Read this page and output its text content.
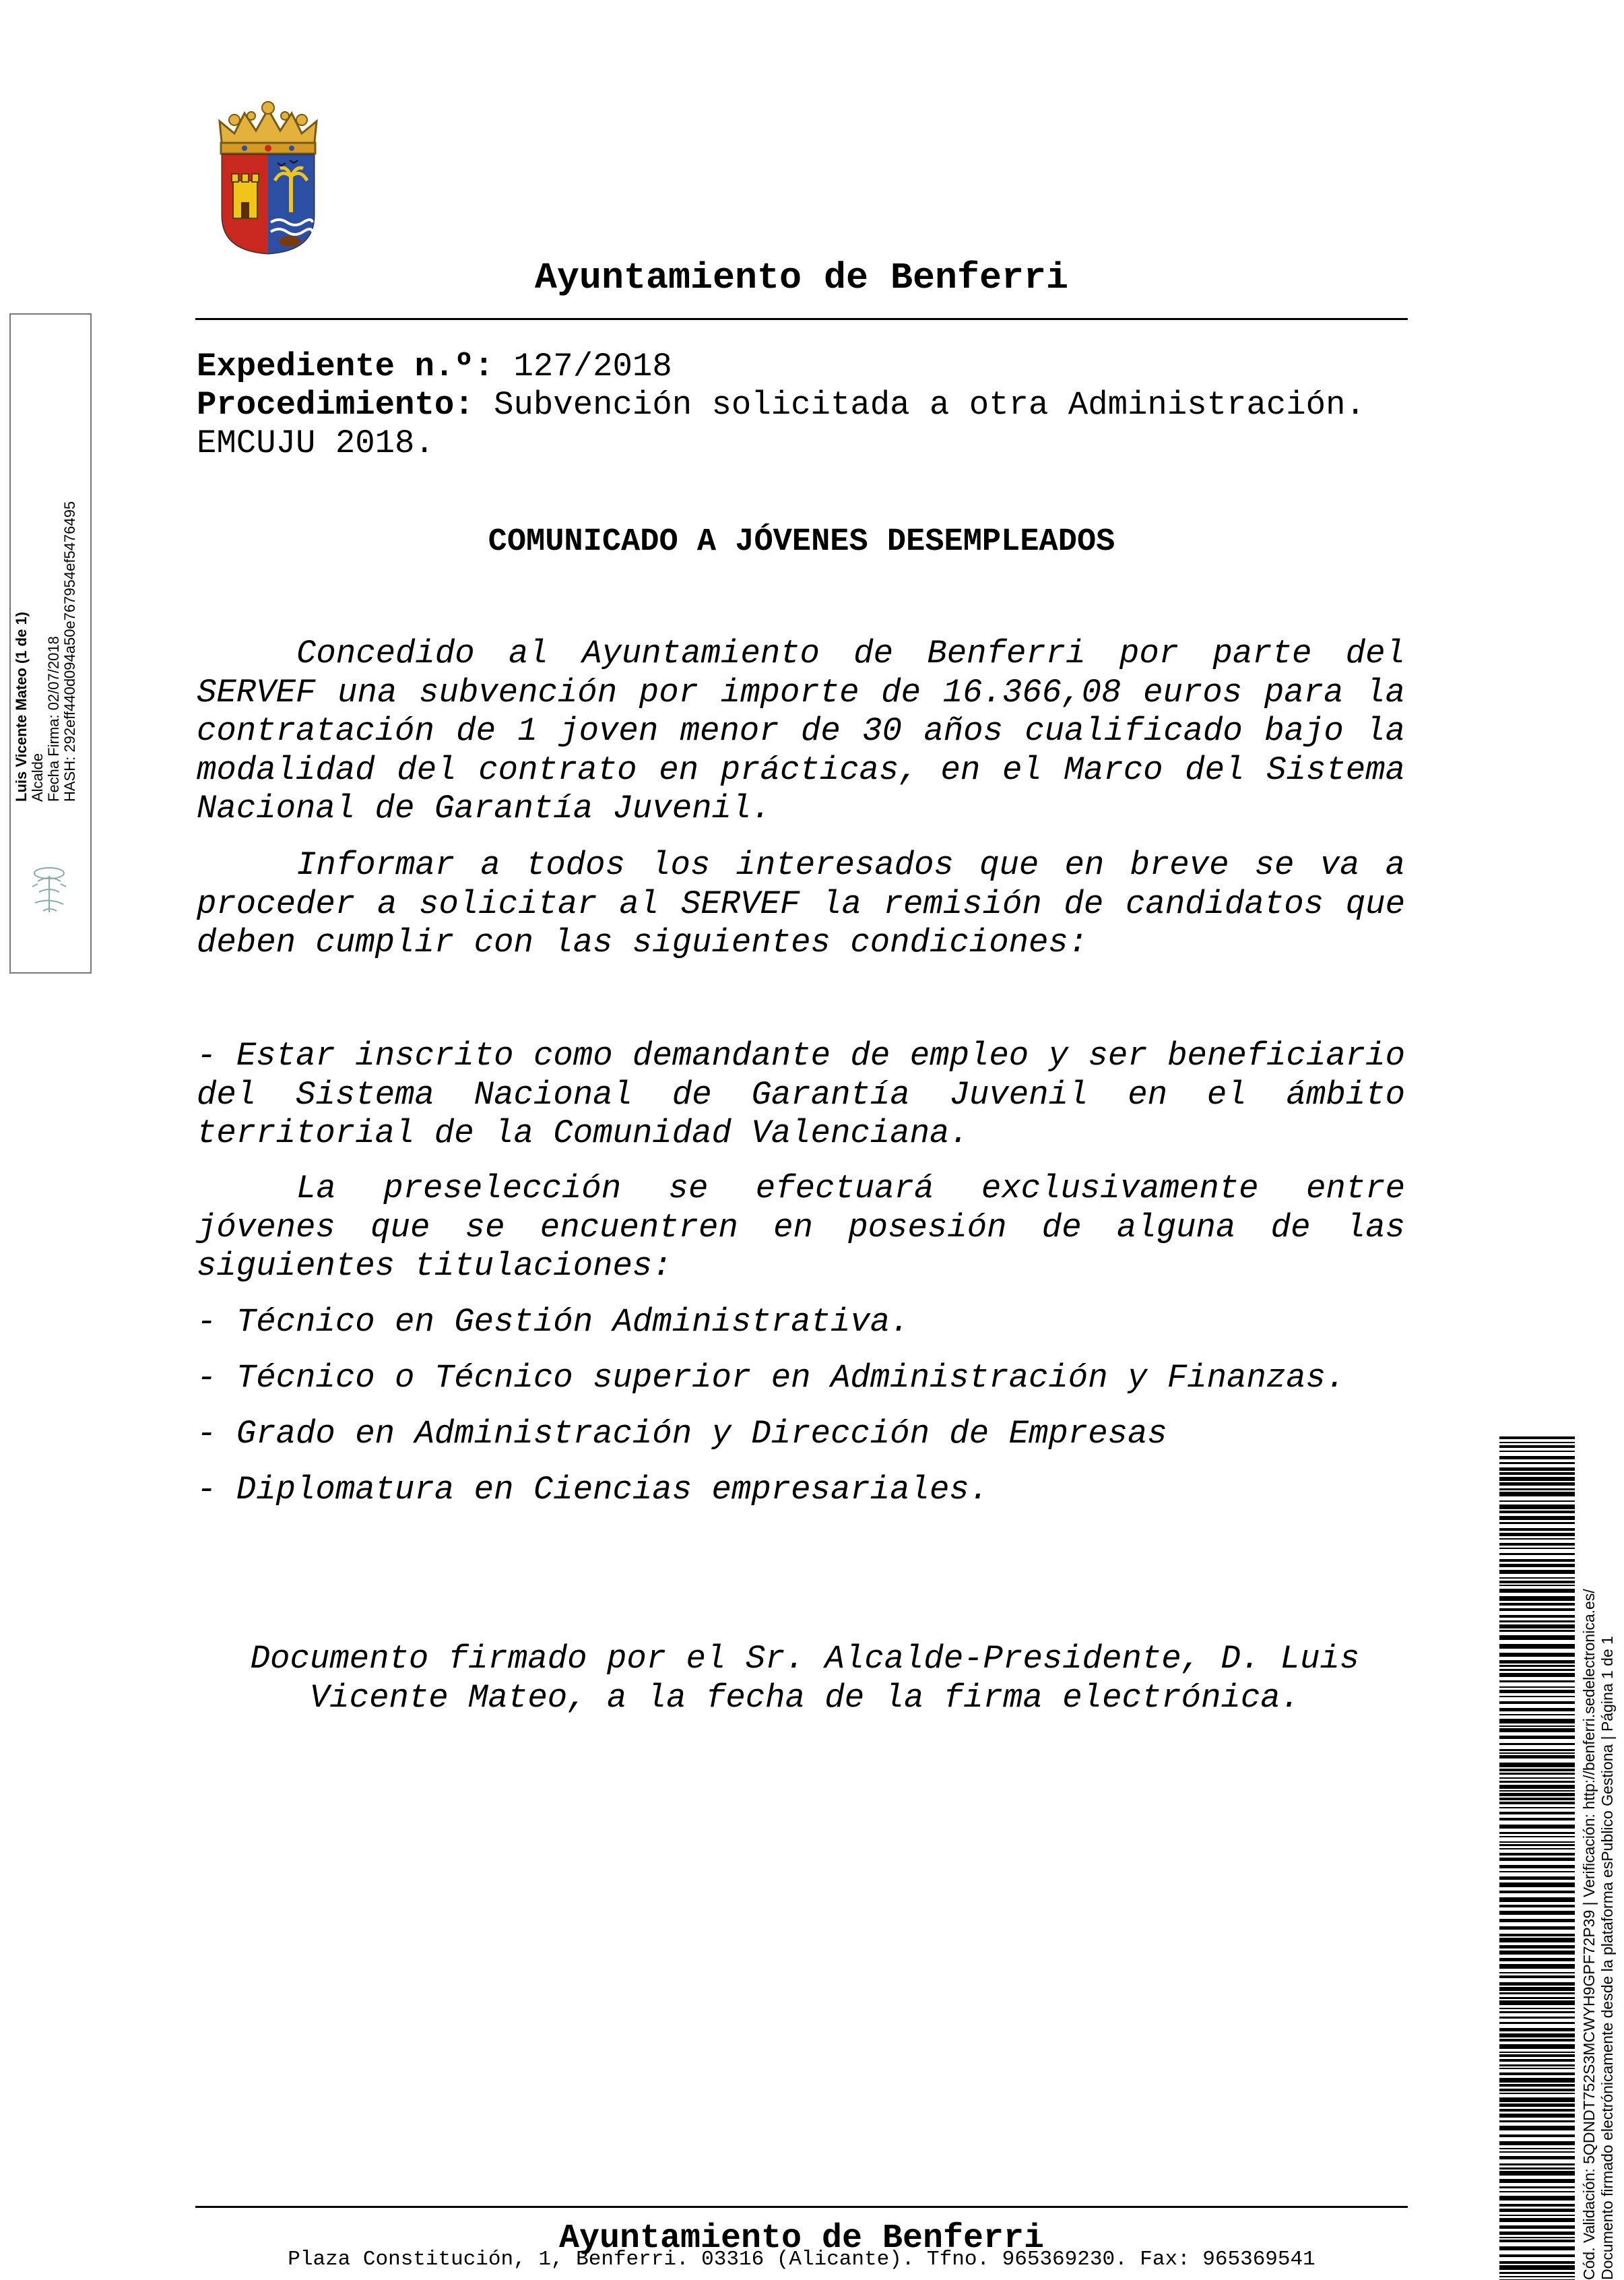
Ayuntamiento de Benferri
Luis Vicente Mateo (1 de 1) Alcalde Fecha Firma: 02/07/2018 HASH: 292eff440d094a50e767954ef5476495
Expediente n.º: 127/2018
Procedimiento: Subvención solicitada a otra Administración.
EMCUJU 2018.
COMUNICADO A JÓVENES DESEMPLEADOS

Concedido al Ayuntamiento de Benferri por parte del SERVEF una subvención por importe de 16.366,08 euros para la contratación de 1 joven menor de 30 años cualificado bajo la modalidad del contrato en prácticas, en el Marco del Sistema Nacional de Garantía Juvenil.

Informar a todos los interesados que en breve se va a proceder a solicitar al SERVEF la remisión de candidatos que deben cumplir con las siguientes condiciones:

- Estar inscrito como demandante de empleo y ser beneficiario del Sistema Nacional de Garantía Juvenil en el ámbito territorial de la Comunidad Valenciana.

La preselección se efectuará exclusivamente entre jóvenes que se encuentren en posesión de alguna de las siguientes titulaciones:

- Técnico en Gestión Administrativa.
- Técnico o Técnico superior en Administración y Finanzas.
- Grado en Administración y Dirección de Empresas
- Diplomatura en Ciencias empresariales.

Documento firmado por el Sr. Alcalde-Presidente, D. Luis Vicente Mateo, a la fecha de la firma electrónica.	Cód. Validación: 5QDNDT752S3MCWYH9GPF72P39 | Verificación: http://benferri.sedelectronica.es/ Documento firmado electrónicamente desde la plataforma esPublico Gestiona | Página 1 de 1
Ayuntamiento de Benferri
Plaza Constitución, 1, Benferri. 03316 (Alicante). Tfno. 965369230. Fax: 965369541
